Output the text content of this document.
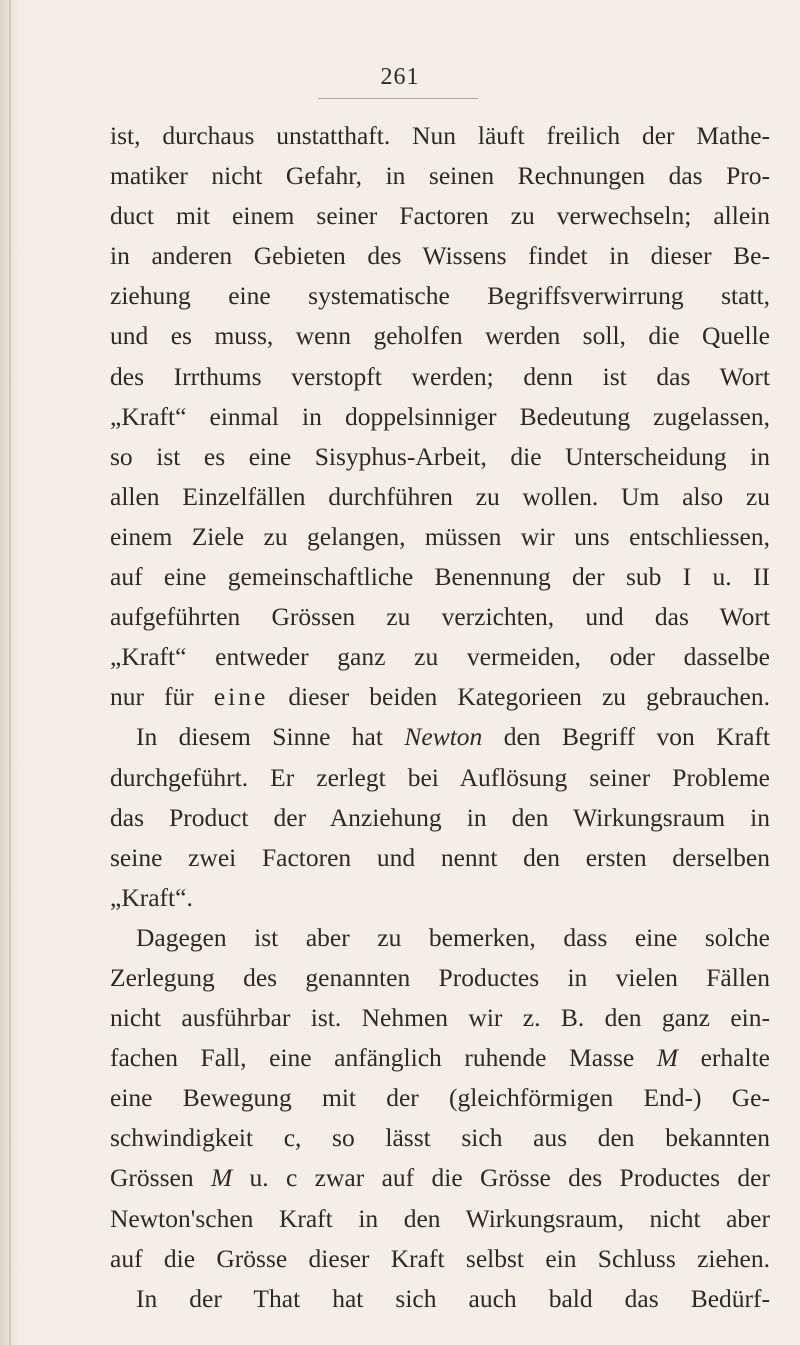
261
ist, durchaus unstatthaft. Nun läuft freilich der Mathe-
matiker nicht Gefahr, in seinen Rechnungen das Pro-
duct mit einem seiner Factoren zu verwechseln; allein
in anderen Gebieten des Wissens findet in dieser Be-
ziehung eine systematische Begriffsverwirrung statt,
und es muss, wenn geholfen werden soll, die Quelle
des Irrthums verstopft werden; denn ist das Wort
„Kraft“ einmal in doppelsinniger Bedeutung zugelassen,
so ist es eine Sisyphus-Arbeit, die Unterscheidung in
allen Einzelfällen durchführen zu wollen. Um also zu
einem Ziele zu gelangen, müssen wir uns entschliessen,
auf eine gemeinschaftliche Benennung der sub I u. II
aufgeführten Grössen zu verzichten, und das Wort
„Kraft“ entweder ganz zu vermeiden, oder dasselbe
nur für eine dieser beiden Kategorieen zu gebrauchen.
In diesem Sinne hat Newton den Begriff von Kraft
durchgeführt. Er zerlegt bei Auflösung seiner Probleme
das Product der Anziehung in den Wirkungsraum in
seine zwei Factoren und nennt den ersten derselben
„Kraft“.
Dagegen ist aber zu bemerken, dass eine solche
Zerlegung des genannten Productes in vielen Fällen
nicht ausführbar ist. Nehmen wir z. B. den ganz ein-
fachen Fall, eine anfänglich ruhende Masse M erhalte
eine Bewegung mit der (gleichförmigen End-) Ge-
schwindigkeit c, so lässt sich aus den bekannten
Grössen M u. c zwar auf die Grösse des Productes der
Newton'schen Kraft in den Wirkungsraum, nicht aber
auf die Grösse dieser Kraft selbst ein Schluss ziehen.
In der That hat sich auch bald das Bedürf-
